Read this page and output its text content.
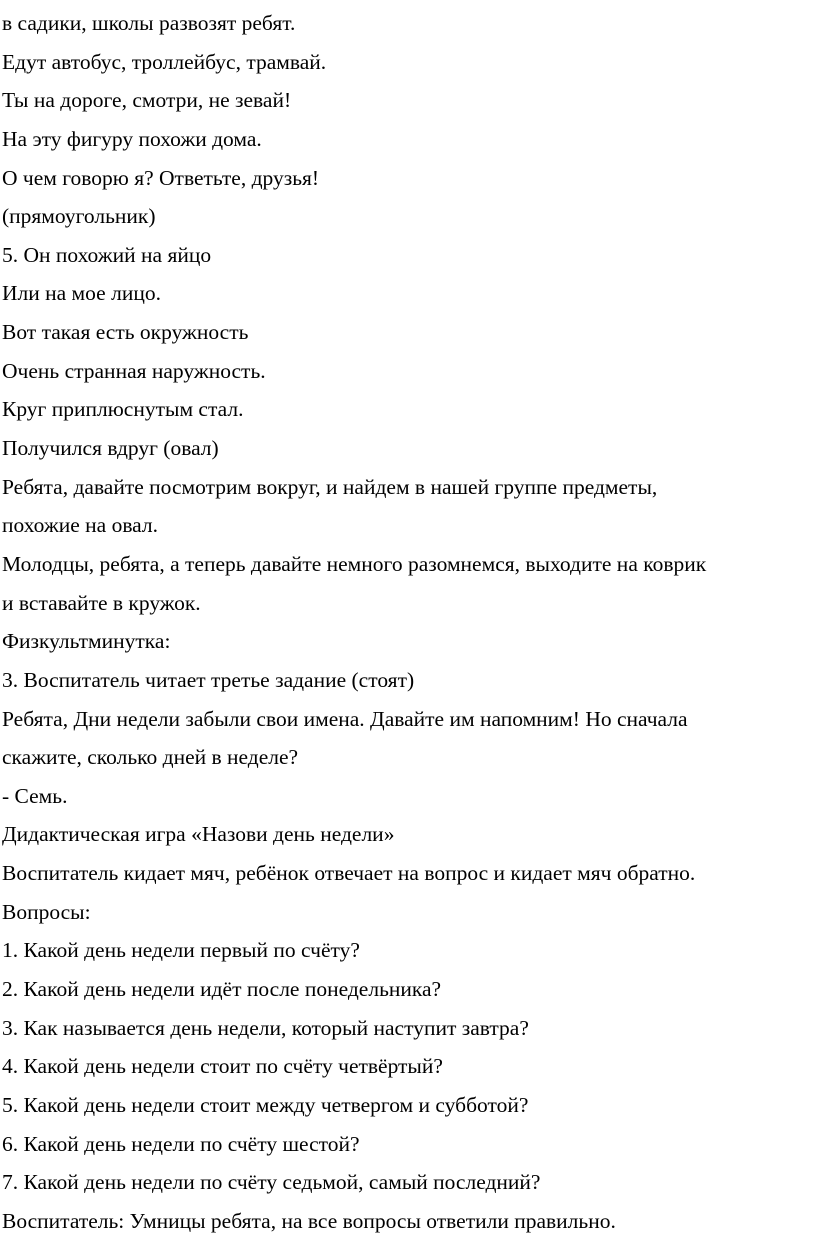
в садики, школы развозят ребят.
Едут автобус, троллейбус, трамвай.
Ты на дороге, смотри, не зевай!
На эту фигуру похожи дома.
О чем говорю я? Ответьте, друзья!
(прямоугольник)
5. Он похожий на яйцо
Или на мое лицо.
Вот такая есть окружность
Очень странная наружность.
Круг приплюснутым стал.
Получился вдруг (овал)
Ребята, давайте посмотрим вокруг, и найдем в нашей группе предметы,
похожие на овал.
Молодцы, ребята, а теперь давайте немного разомнемся, выходите на коврик
и вставайте в кружок.
Физкультминутка:
3. Воспитатель читает третье задание (стоят)
Ребята, Дни недели забыли свои имена. Давайте им напомним! Но сначала
скажите, сколько дней в неделе?
- Семь.
Дидактическая игра «Назови день недели»
Воспитатель кидает мяч, ребёнок отвечает на вопрос и кидает мяч обратно.
Вопросы:
1. Какой день недели первый по счёту?
2. Какой день недели идёт после понедельника?
3. Как называется день недели, который наступит завтра?
4. Какой день недели стоит по счёту четвёртый?
5. Какой день недели стоит между четвергом и субботой?
6. Какой день недели по счёту шестой?
7. Какой день недели по счёту седьмой, самый последний?
Воспитатель: Умницы ребята, на все вопросы ответили правильно.
